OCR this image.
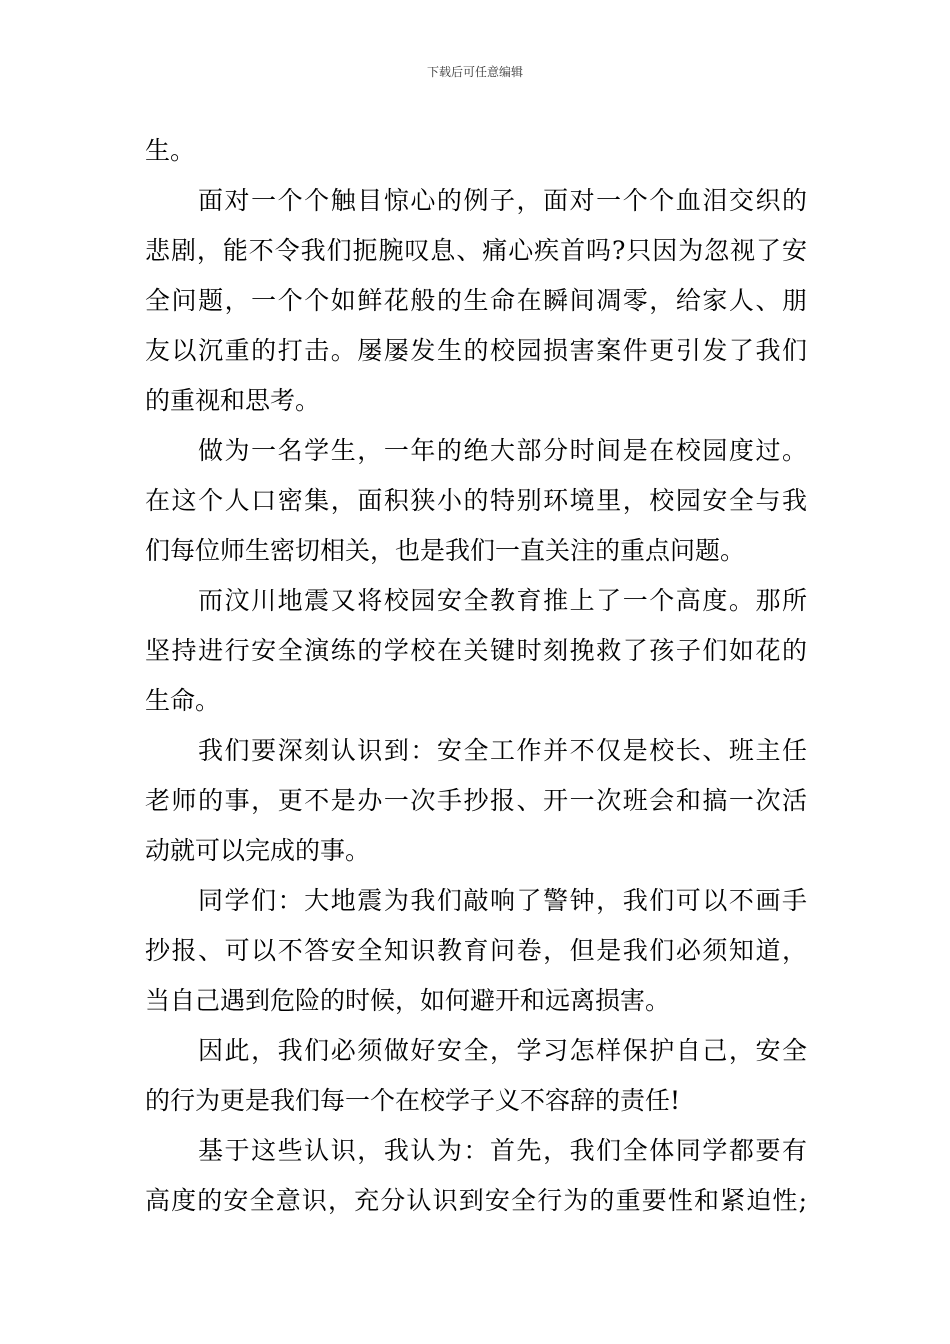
下载后可任意编辑
生。
面对一个个触目惊心的例子，面对一个个血泪交织的
悲剧，能不令我们扼腕叹息、痛心疾首吗?只因为忽视了安
全问题，一个个如鲜花般的生命在瞬间凋零，给家人、朋
友以沉重的打击。屡屡发生的校园损害案件更引发了我们
的重视和思考。
做为一名学生，一年的绝大部分时间是在校园度过。
在这个人口密集，面积狭小的特别环境里，校园安全与我
们每位师生密切相关，也是我们一直关注的重点问题。
而汶川地震又将校园安全教育推上了一个高度。那所
坚持进行安全演练的学校在关键时刻挽救了孩子们如花的
生命。
我们要深刻认识到：安全工作并不仅是校长、班主任
老师的事，更不是办一次手抄报、开一次班会和搞一次活
动就可以完成的事。
同学们：大地震为我们敲响了警钟，我们可以不画手
抄报、可以不答安全知识教育问卷，但是我们必须知道，
当自己遇到危险的时候，如何避开和远离损害。
因此，我们必须做好安全，学习怎样保护自己，安全
的行为更是我们每一个在校学子义不容辞的责任!
基于这些认识，我认为：首先，我们全体同学都要有
高度的安全意识，充分认识到安全行为的重要性和紧迫性;
